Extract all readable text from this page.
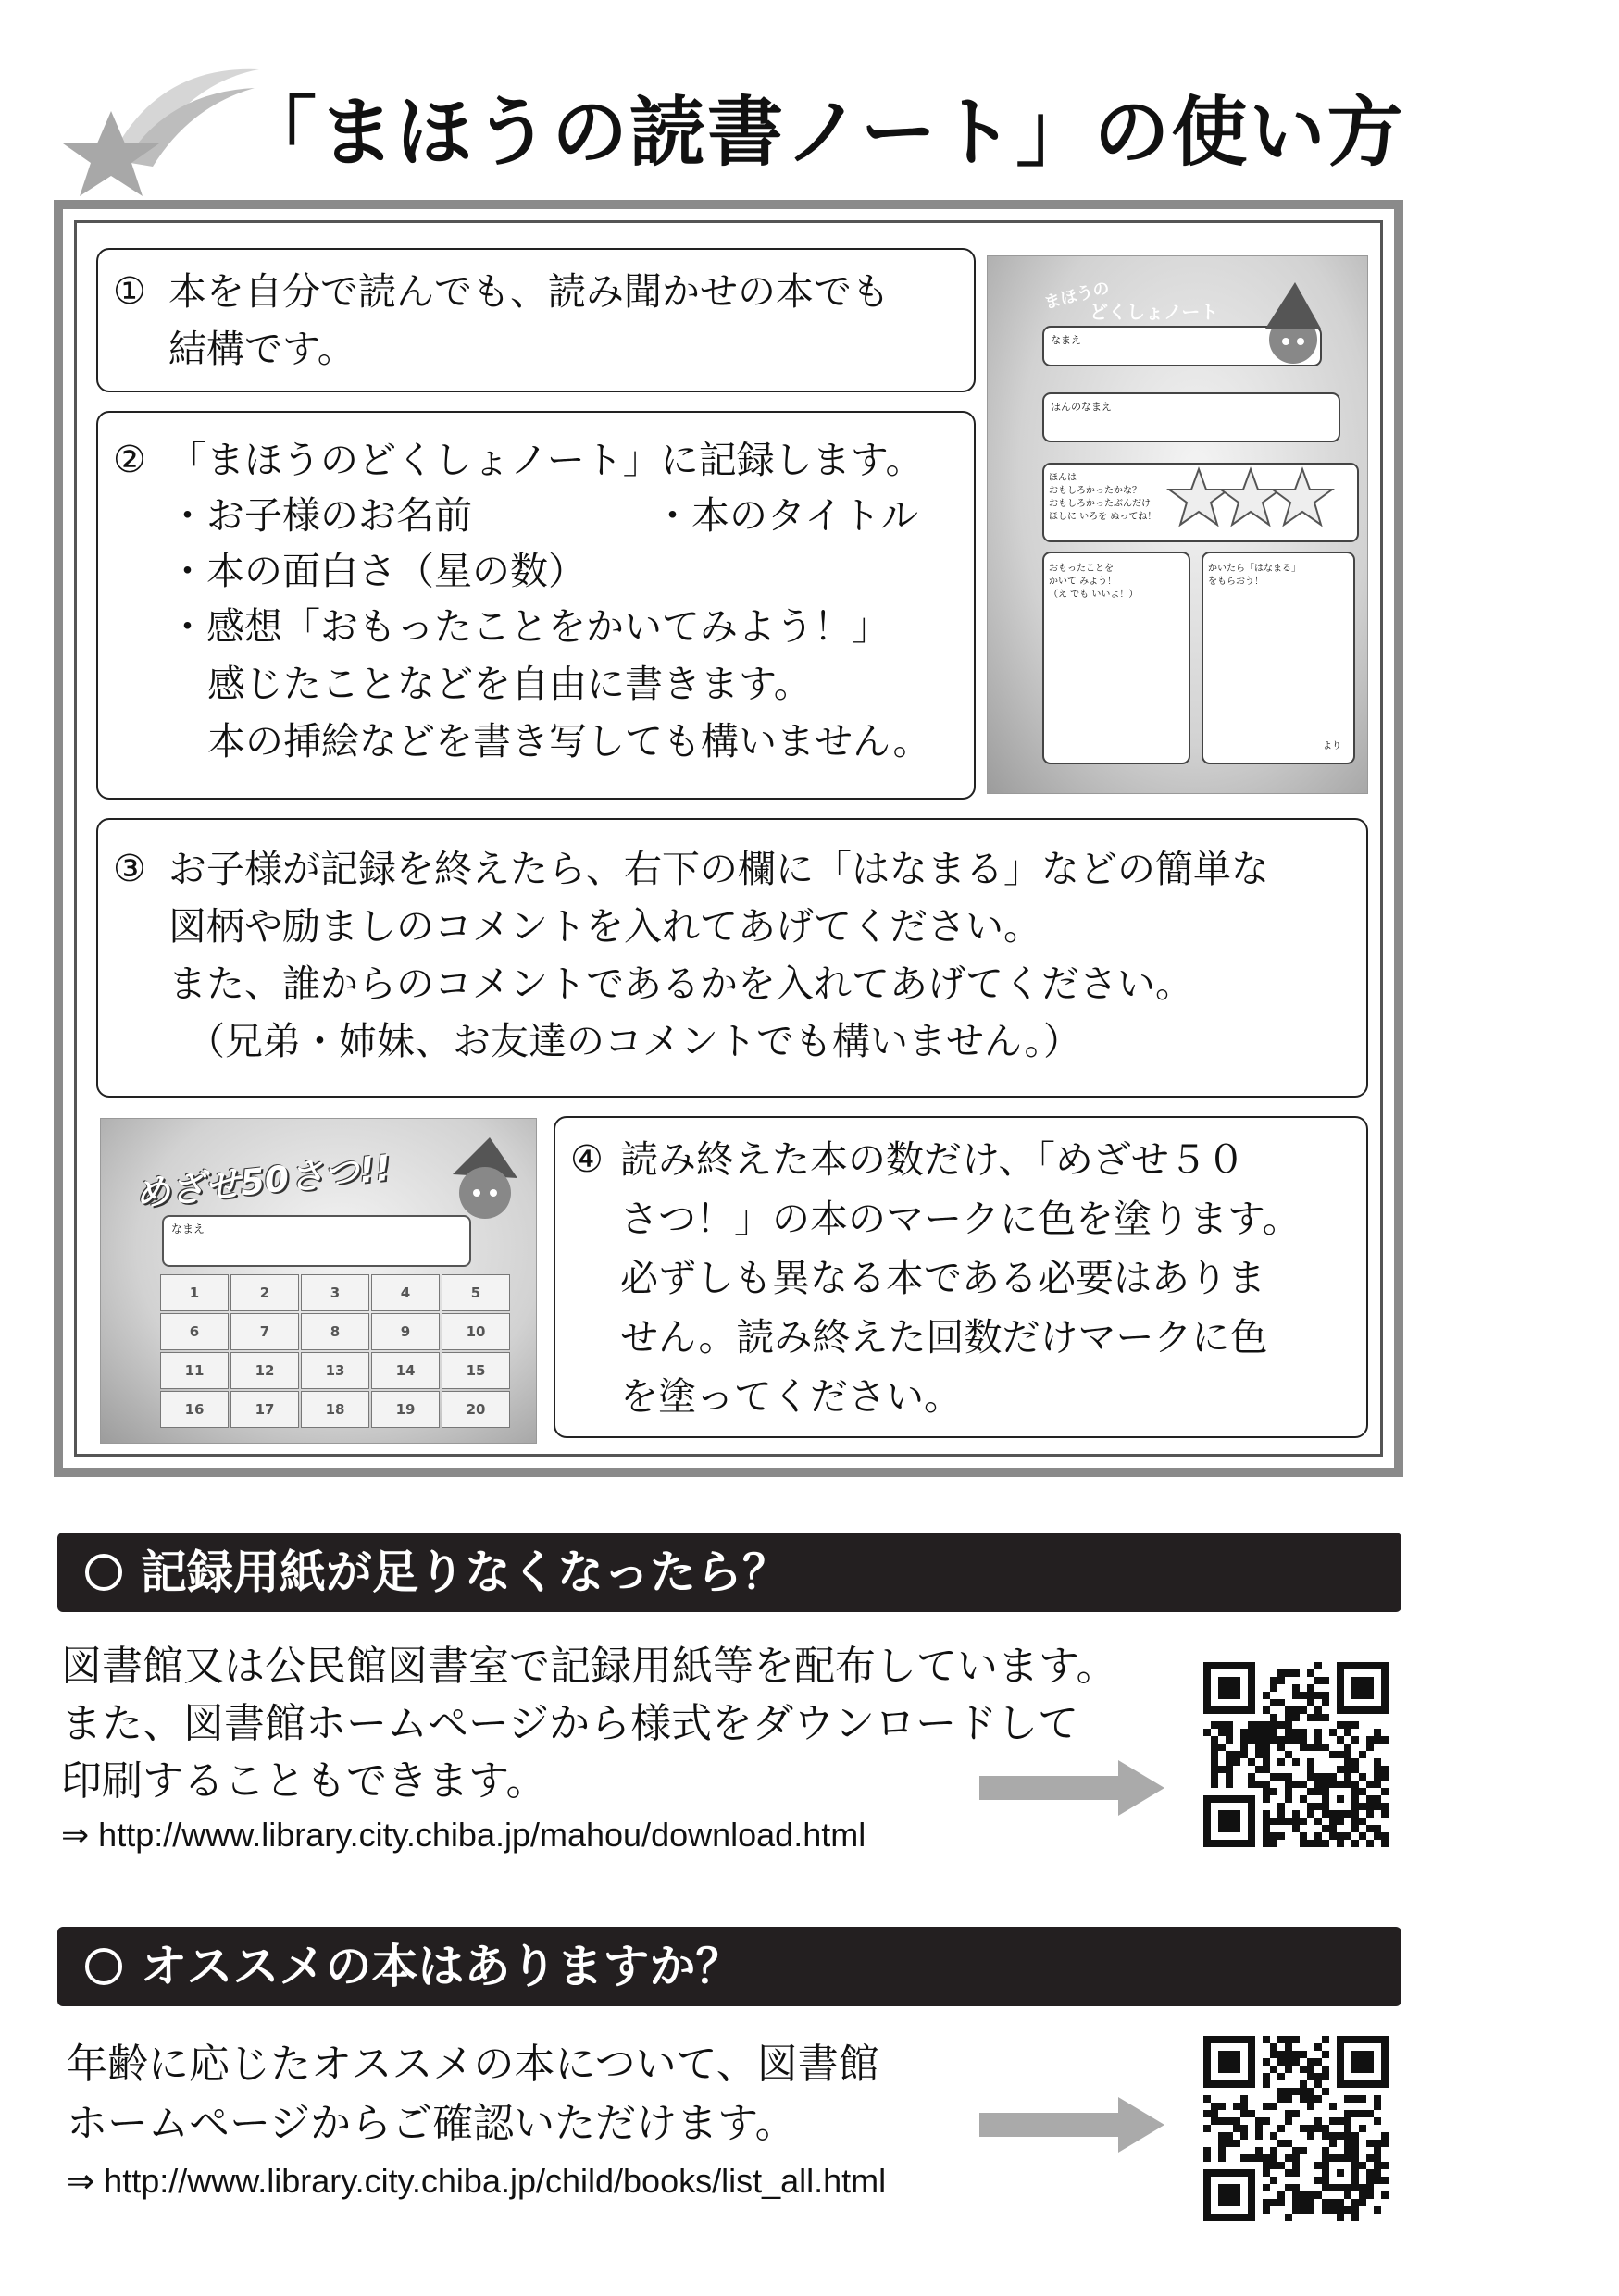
「まほうの読書ノート」の使い方
① 本を自分で読んでも、読み聞かせの本でも
結構です。
② 「まほうのどくしょノート」に記録します。
・お子様のお名前	・本のタイトル
・本の面白さ（星の数）
・感想「おもったことをかいてみよう！」
感じたことなどを自由に書きます。
本の挿絵などを書き写しても構いません。
まほうの
どくしょノート
なまえ
ほんのなまえ
ほんは
おもしろかったかな？
おもしろかったぶんだけ
ほしに いろを ぬってね！
おもったことを
かいて みよう！
（え でも いいよ！）
かいたら「はなまる」
をもらおう！
より
③ お子様が記録を終えたら、右下の欄に「はなまる」などの簡単な
図柄や励ましのコメントを入れてあげてください。
また、誰からのコメントであるかを入れてあげてください。
（兄弟・姉妹、お友達のコメントでも構いません。）
めざせ50さつ!!
なまえ
1	2	3	4	5
6	7	8	9	10
11	12	13	14	15
16	17	18	19	20
④ 読み終えた本の数だけ、「めざせ５０
さつ！」の本のマークに色を塗ります。
必ずしも異なる本である必要はありま
せん。読み終えた回数だけマークに色
を塗ってください。
記録用紙が足りなくなったら？
図書館又は公民館図書室で記録用紙等を配布しています。
また、図書館ホームページから様式をダウンロードして
印刷することもできます。
⇒ http://www.library.city.chiba.jp/mahou/download.html
オススメの本はありますか？
年齢に応じたオススメの本について、図書館
ホームページからご確認いただけます。
⇒ http://www.library.city.chiba.jp/child/books/list_all.html
